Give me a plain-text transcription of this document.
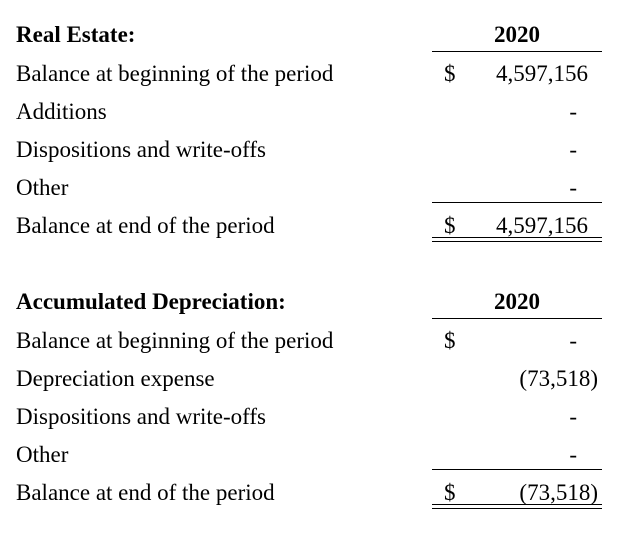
Real Estate:	2020
Balance at beginning of the period	$ 4,597,156
Additions	-
Dispositions and write-offs	-
Other	-
Balance at end of the period	$ 4,597,156
Accumulated Depreciation:	2020
Balance at beginning of the period	$	-
Depreciation expense	(73,518)
Dispositions and write-offs	-
Other	-
Balance at end of the period	$	(73,518)
